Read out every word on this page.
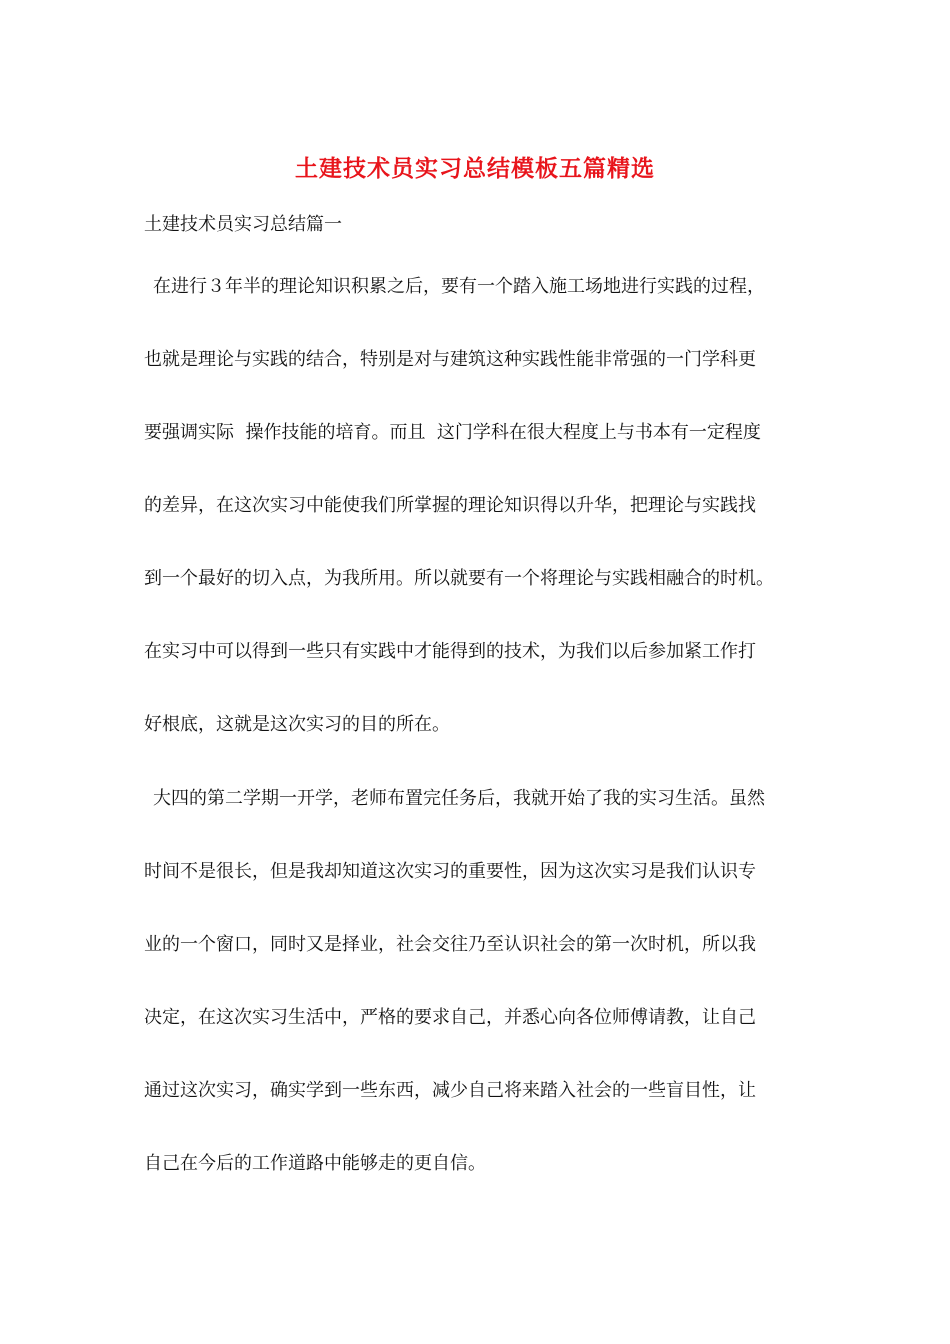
土建技术员实习总结模板五篇精选
土建技术员实习总结篇一
在进行３年半的理论知识积累之后，要有一个踏入施工场地进行实践的过程，
也就是理论与实践的结合，特别是对与建筑这种实践性能非常强的一门学科更
要强调实际  操作技能的培育。而且  这门学科在很大程度上与书本有一定程度
的差异，在这次实习中能使我们所掌握的理论知识得以升华，把理论与实践找
到一个最好的切入点，为我所用。所以就要有一个将理论与实践相融合的时机。
在实习中可以得到一些只有实践中才能得到的技术，为我们以后参加紧工作打
好根底，这就是这次实习的目的所在。
大四的第二学期一开学，老师布置完任务后，我就开始了我的实习生活。虽然
时间不是很长，但是我却知道这次实习的重要性，因为这次实习是我们认识专
业的一个窗口，同时又是择业，社会交往乃至认识社会的第一次时机，所以我
决定，在这次实习生活中，严格的要求自己，并悉心向各位师傅请教，让自己
通过这次实习，确实学到一些东西，减少自己将来踏入社会的一些盲目性，让
自己在今后的工作道路中能够走的更自信。
